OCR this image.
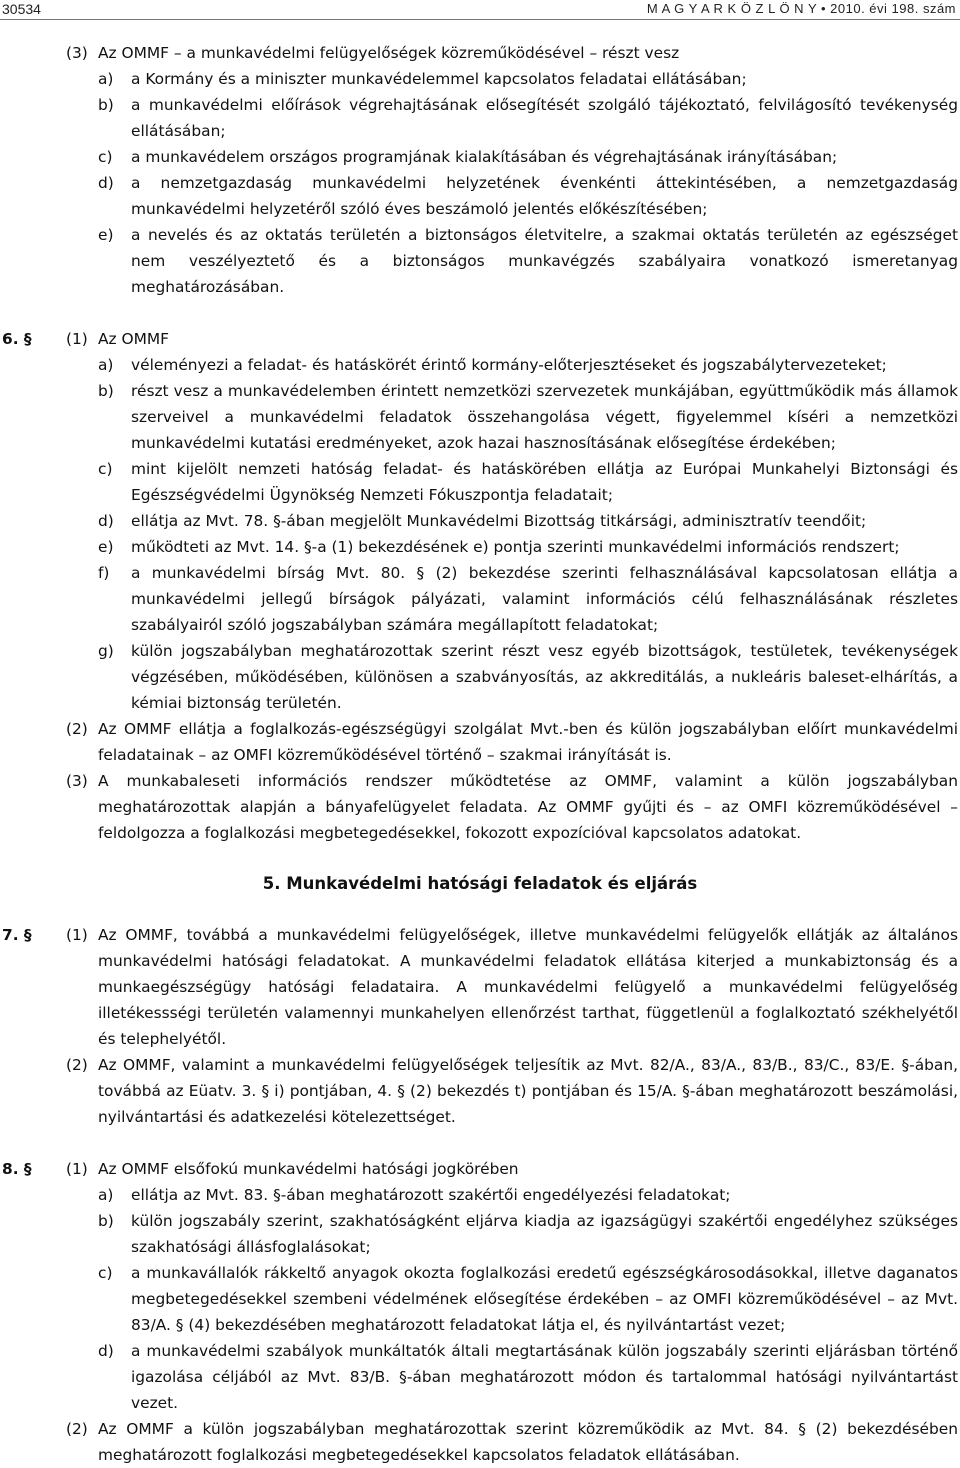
30534	M A G Y A R K Ö Z L Ö N Y • 2010. évi 198. szám
(3) Az OMMF – a munkavédelmi felügyelőségek közreműködésével – részt vesz
a) a Kormány és a miniszter munkavédelemmel kapcsolatos feladatai ellátásában;
b) a munkavédelmi előírások végrehajtásának elősegítését szolgáló tájékoztató, felvilágosító tevékenység ellátásában;
c) a munkavédelem országos programjának kialakításában és végrehajtásának irányításában;
d) a nemzetgazdaság munkavédelmi helyzetének évenkénti áttekintésében, a nemzetgazdaság munkavédelmi helyzetéről szóló éves beszámoló jelentés előkészítésében;
e) a nevelés és az oktatás területén a biztonságos életvitelre, a szakmai oktatás területén az egészséget nem veszélyeztető és a biztonságos munkavégzés szabályaira vonatkozó ismeretanyag meghatározásában.
6. § (1) Az OMMF
a) véleményezi a feladat- és hatáskörét érintő kormány-előterjesztéseket és jogszabálytervezeteket;
b) részt vesz a munkavédelemben érintett nemzetközi szervezetek munkájában, együttműködik más államok szerveivel a munkavédelmi feladatok összehangolása végett, figyelemmel kíséri a nemzetközi munkavédelmi kutatási eredményeket, azok hazai hasznosításának elősegítése érdekében;
c) mint kijelölt nemzeti hatóság feladat- és hatáskörében ellátja az Európai Munkahelyi Biztonsági és Egészségvédelmi Ügynökség Nemzeti Fókuszpontja feladatait;
d) ellátja az Mvt. 78. §-ában megjelölt Munkavédelmi Bizottság titkársági, adminisztratív teendőit;
e) működteti az Mvt. 14. §-a (1) bekezdésének e) pontja szerinti munkavédelmi információs rendszert;
f) a munkavédelmi bírság Mvt. 80. § (2) bekezdése szerinti felhasználásával kapcsolatosan ellátja a munkavédelmi jellegű bírságok pályázati, valamint információs célú felhasználásának részletes szabályairól szóló jogszabályban számára megállapított feladatokat;
g) külön jogszabályban meghatározottak szerint részt vesz egyéb bizottságok, testületek, tevékenységek végzésében, működésében, különösen a szabványosítás, az akkreditálás, a nukleáris baleset-elhárítás, a kémiai biztonság területén.
(2) Az OMMF ellátja a foglalkozás-egészségügyi szolgálat Mvt.-ben és külön jogszabályban előírt munkavédelmi feladatainak – az OMFI közreműködésével történő – szakmai irányítását is.
(3) A munkabaleseti információs rendszer működtetése az OMMF, valamint a külön jogszabályban meghatározottak alapján a bányafelügyelet feladata. Az OMMF gyűjti és – az OMFI közreműködésével – feldolgozza a foglalkozási megbetegedésekkel, fokozott expozícióval kapcsolatos adatokat.
5. Munkavédelmi hatósági feladatok és eljárás
7. § (1) Az OMMF, továbbá a munkavédelmi felügyelőségek, illetve munkavédelmi felügyelők ellátják az általános munkavédelmi hatósági feladatokat. A munkavédelmi feladatok ellátása kiterjed a munkabiztonság és a munkaegészségügy hatósági feladataira. A munkavédelmi felügyelő a munkavédelmi felügyelőség illetékessségi területén valamennyi munkahelyen ellenőrzést tarthat, függetlenül a foglalkoztató székhelyétől és telephelyétől.
(2) Az OMMF, valamint a munkavédelmi felügyelőségek teljesítik az Mvt. 82/A., 83/A., 83/B., 83/C., 83/E. §-ában, továbbá az Eüatv. 3. § i) pontjában, 4. § (2) bekezdés t) pontjában és 15/A. §-ában meghatározott beszámolási, nyilvántartási és adatkezelési kötelezettséget.
8. § (1) Az OMMF elsőfokú munkavédelmi hatósági jogkörében
a) ellátja az Mvt. 83. §-ában meghatározott szakértői engedélyezési feladatokat;
b) külön jogszabály szerint, szakhatóságként eljárva kiadja az igazságügyi szakértői engedélyhez szükséges szakhatósági állásfoglalásokat;
c) a munkavállalók rákkeltő anyagok okozta foglalkozási eredetű egészségkárosodásokkal, illetve daganatos megbetegedésekkel szembeni védelmének elősegítése érdekében – az OMFI közreműködésével – az Mvt. 83/A. § (4) bekezdésében meghatározott feladatokat látja el, és nyilvántartást vezet;
d) a munkavédelmi szabályok munkáltatók általi megtartásának külön jogszabály szerinti eljárásban történő igazolása céljából az Mvt. 83/B. §-ában meghatározott módon és tartalommal hatósági nyilvántartást vezet.
(2) Az OMMF a külön jogszabályban meghatározottak szerint közreműködik az Mvt. 84. § (2) bekezdésében meghatározott foglalkozási megbetegedésekkel kapcsolatos feladatok ellátásában.
